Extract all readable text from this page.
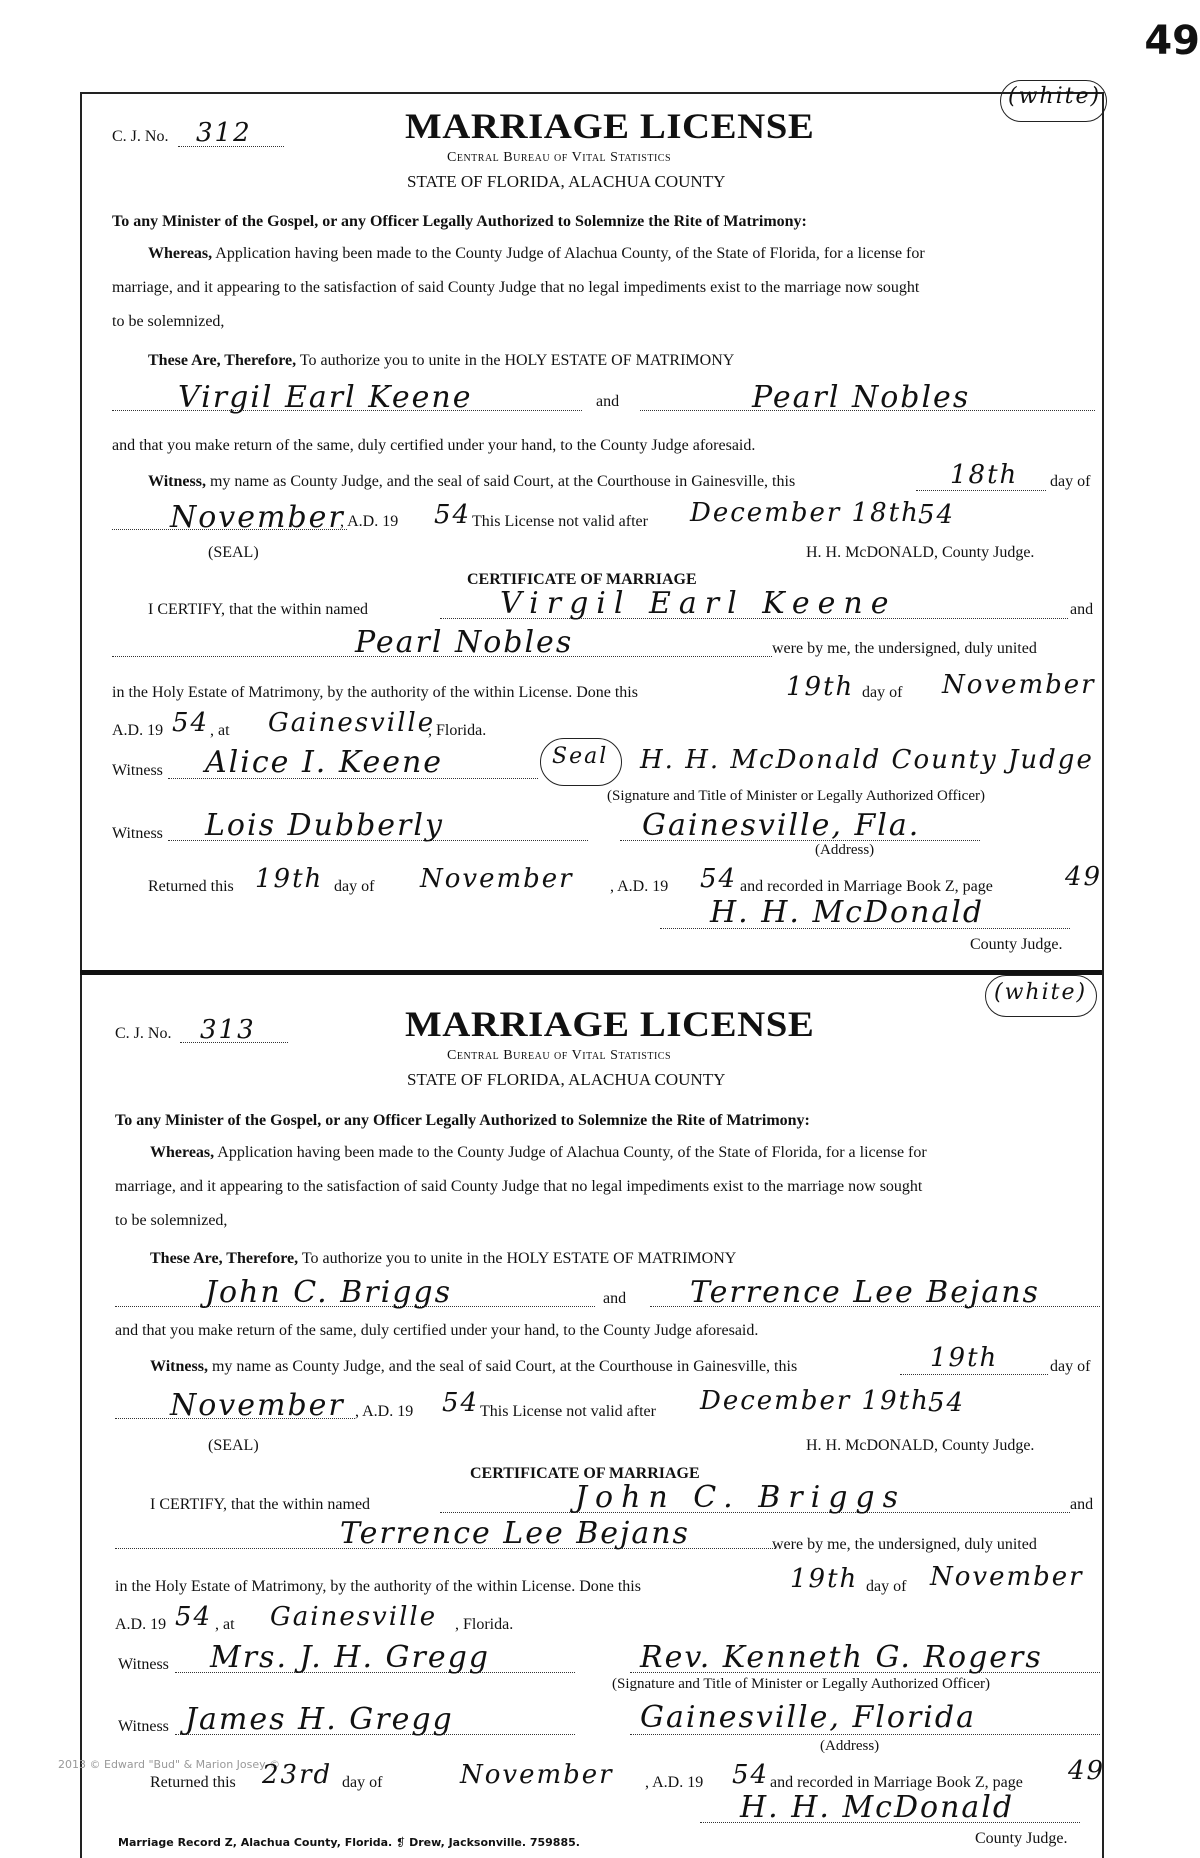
49
(white)
C. J. No. 312	MARRIAGE LICENSE
Central Bureau of Vital Statistics
STATE OF FLORIDA, ALACHUA COUNTY
To any Minister of the Gospel, or any Officer Legally Authorized to Solemnize the Rite of Matrimony:
Whereas, Application having been made to the County Judge of Alachua County, of the State of Florida, for a license for
marriage, and it appearing to the satisfaction of said County Judge that no legal impediments exist to the marriage now sought
to be solemnized,
These Are, Therefore, To authorize you to unite in the HOLY ESTATE OF MATRIMONY
Virgil Earl Keene	and	Pearl Nobles
and that you make return of the same, duly certified under your hand, to the County Judge aforesaid.
Witness, my name as County Judge, and the seal of said Court, at the Courthouse in Gainesville, this	18th day of
November
, A.D. 19 54 This License not valid after December 18th
54
(SEAL)	H. H. McDONALD, County Judge.
CERTIFICATE OF MARRIAGE
I CERTIFY, that the within named	Virgil Earl Keene	and
Pearl Nobles	were by me, the undersigned, duly united
in the Holy Estate of Matrimony, by the authority of the within License. Done this	19th day of November
A.D. 19 54 , at Gainesville
, Florida.
Witness Alice I. Keene	Seal H. H. McDonald County Judge
(Signature and Title of Minister or Legally Authorized Officer)
Witness Lois Dubberly	Gainesville, Fla.
(Address)
Returned this 19th day of November , A.D. 19 54 and recorded in Marriage Book Z, page	49
H. H. McDonald
County Judge.
(white)
C. J. No. 313	MARRIAGE LICENSE
Central Bureau of Vital Statistics
STATE OF FLORIDA, ALACHUA COUNTY
To any Minister of the Gospel, or any Officer Legally Authorized to Solemnize the Rite of Matrimony:
Whereas, Application having been made to the County Judge of Alachua County, of the State of Florida, for a license for
marriage, and it appearing to the satisfaction of said County Judge that no legal impediments exist to the marriage now sought
to be solemnized,
These Are, Therefore, To authorize you to unite in the HOLY ESTATE OF MATRIMONY
John C. Briggs	and Terrence Lee Bejans
and that you make return of the same, duly certified under your hand, to the County Judge aforesaid.
Witness, my name as County Judge, and the seal of said Court, at the Courthouse in Gainesville, this	19th	day of
November , A.D. 19 54 This License not valid after December 19th
54
(SEAL)	H. H. McDONALD, County Judge.
CERTIFICATE OF MARRIAGE
I CERTIFY, that the within named	John C. Briggs	and
Terrence Lee Bejans	were by me, the undersigned, duly united
in the Holy Estate of Matrimony, by the authority of the within License. Done this	19th day of November
A.D. 19 54 , at Gainesville , Florida.
Witness Mrs. J. H. Gregg	Rev. Kenneth G. Rogers
(Signature and Title of Minister or Legally Authorized Officer)
Witness James H. Gregg	Gainesville, Florida
(Address)
2013 © Edward "Bud" & Marion Josey ©
Returned this 23rd day of	November , A.D. 19 54 and recorded in Marriage Book Z, page 49
H. H. McDonald
County Judge.
Marriage Record Z, Alachua County, Florida. ❡ Drew, Jacksonville. 759885.
